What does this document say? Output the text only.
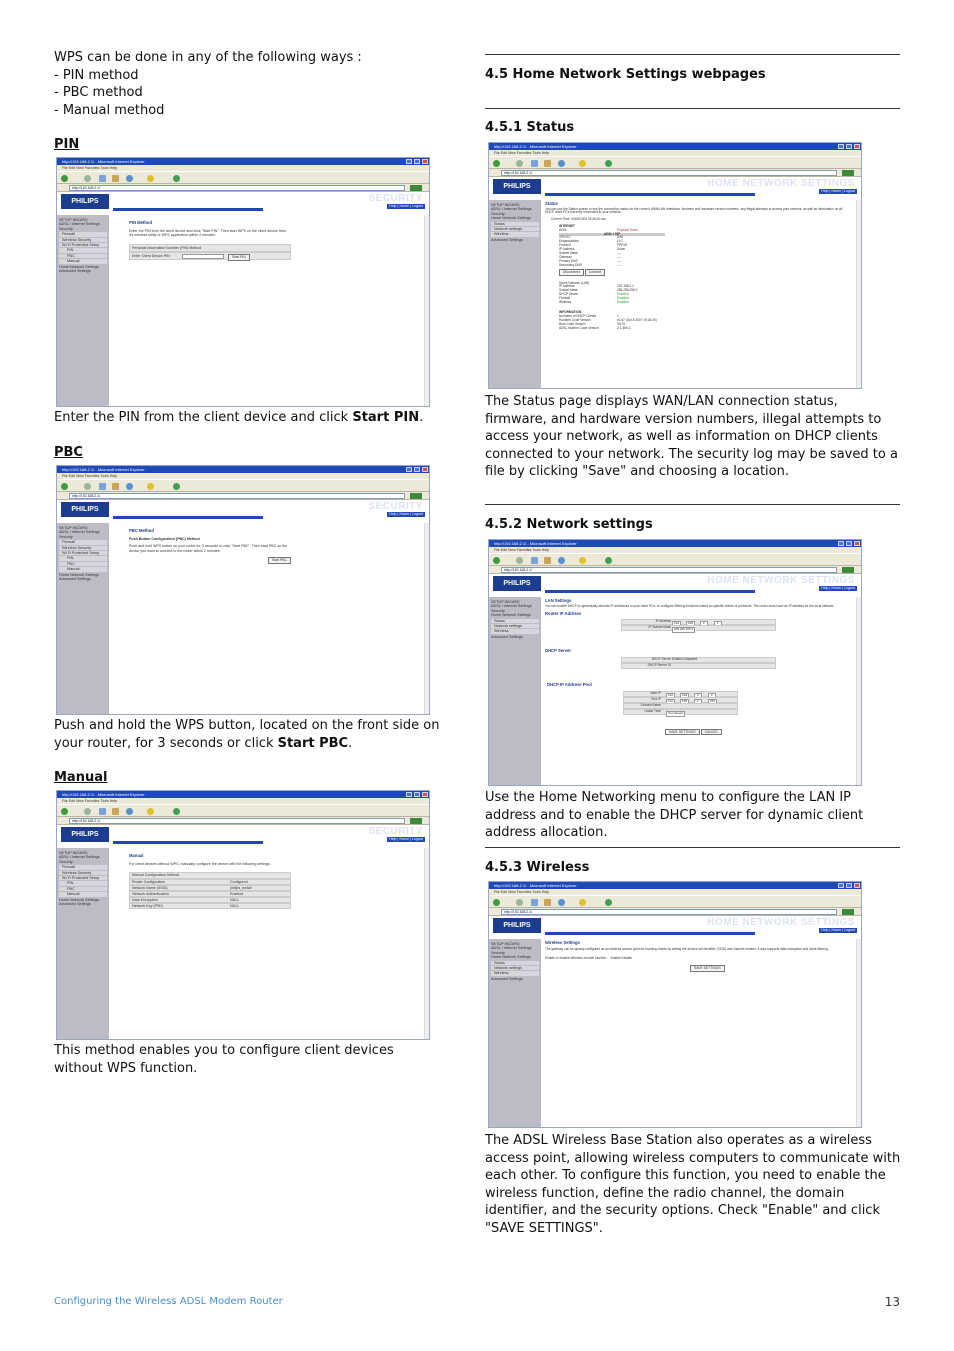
WPS can be done in any of the following ways :
- PIN method
- PBC method
- Manual method
PIN
http://192.168.2.1/ - Microsoft Internet Explorer
File Edit View Favorites Tools Help
http://192.168.2.1/
PHILIPS	SECURITY
Help | Home | Logout
SETUP WIZARD
ADSL / Internet Settings
Security
Firewall
Wireless Security
Wi-Fi Protected Setup
PIN
PBC
Manual
Home Network Settings
Advanced Settings
PIN Method
Enter the PIN from the client device and click "Start PIN". Then start WPS on the client device from it's wireless utility or WPS application within 2 minutes.
Personal Information Number (PIN) Method
Enter Client Device PIN	Start PIN
Enter the PIN from the client device and click Start PIN.
PBC
http://192.168.2.1/ - Microsoft Internet Explorer
File Edit View Favorites Tools Help
http://192.168.2.1/
PHILIPS	SECURITY
Help | Home | Logout
SETUP WIZARD
ADSL / Internet Settings
Security
Firewall
Wireless Security
Wi-Fi Protected Setup
PIN
PBC
Manual
Home Network Settings
Advanced Settings
PBC Method
Push Button Configuration (PBC) Method
Push and hold WPS button on your router for 3 seconds or click "Start PBC". Then start PBC on the device you want to connect to the router within 2 minutes.
Start PBC
Push and hold the WPS button, located on the front side on your router, for 3 seconds or click Start PBC.
Manual
http://192.168.2.1/ - Microsoft Internet Explorer
File Edit View Favorites Tools Help
http://192.168.2.1/
PHILIPS	SECURITY
Help | Home | Logout
SETUP WIZARD
ADSL / Internet Settings
Security
Firewall
Wireless Security
Wi-Fi Protected Setup
PIN
PBC
Manual
Home Network Settings
Advanced Settings
Manual
For client devices without WPS, manually configure the device with the following settings.
Manual Configuration Method
Router Configuration	Configured
Network Name (SSID)	philips_install
Network Authentication	Enabled
Data Encryption	NULL
Network Key (PSK)	NULL
This method enables you to configure client devices without WPS function.
4.5 Home Network Settings webpages
4.5.1 Status
http://192.168.2.1/ - Microsoft Internet Explorer
File Edit View Favorites Tools Help
http://192.168.2.1/
PHILIPS	HOME NETWORK SETTINGS
Help | Home | Logout
SETUP WIZARD
ADSL / Internet Settings
Security
Home Network Settings
Status
Network settings
Wireless
Advanced Settings
Status
You can use the Status screen to see the connection status for the router's WAN/LAN interfaces, firmware and hardware version numbers, any illegal attempts to access your network, as well as information on all DHCP client PCs currently connected to your network.
Current Time: 00/00/2003 00:26:00 am
INTERNET
ADSL	Physical Down
ADSL / ISP
VPI/VCI	8/35
Encapsulation	LLC
Protocol	PPPoE
IP Address	Down
Subnet Mask	----
Gateway	----
Primary DNS	----
Secondary DNS	----
Disconnect	Connect
Home Network (LAN)
IP Address	192.168.2.1
Subnet Mask	255.255.255.0
DHCP Server	Enabled
Firewall	Enabled
Wireless	Enabled
INFORMATION
Numbers of DHCP Clients	1
Runtime Code Version	v0.47 (Oct 8 2007 19:18:30)
Boot Code Version	V0.01
ADSL Modem Code Version	2.1.3b0.1
The Status page displays WAN/LAN connection status, firmware, and hardware version numbers, illegal attempts to access your network, as well as information on DHCP clients connected to your network. The security log may be saved to a file by clicking "Save" and choosing a location.
4.5.2 Network settings
http://192.168.2.1/ - Microsoft Internet Explorer
File Edit View Favorites Tools Help
http://192.168.2.1/
PHILIPS	HOME NETWORK SETTINGS
Help | Home | Logout
SETUP WIZARD
ADSL / Internet Settings
Security
Home Network Settings
Status
Network settings
Wireless
Advanced Settings
LAN Settings
You can enable DHCP to dynamically allocate IP addresses to your client PCs, or configure filtering functions based on specific clients or protocols. The router must have an IP address for the local network.
Router IP Address
IP Address	192	168	2	1
IP Subnet Mask	255.255.255.0
DHCP Server
DHCP Server Enabled Disabled
DHCP Server ID
DHCP IP Address Pool
Start IP	192	168	2	2
End IP	192	168	2	254
Domain Name
Lease Time	Two Weeks
SAVE SETTINGS	CANCEL
Use the Home Networking menu to configure the LAN IP address and to enable the DHCP server for dynamic client address allocation.
4.5.3 Wireless
http://192.168.2.1/ - Microsoft Internet Explorer
File Edit View Favorites Tools Help
http://192.168.2.1/
PHILIPS	HOME NETWORK SETTINGS
Help | Home | Logout
SETUP WIZARD
ADSL / Internet Settings
Security
Home Network Settings
Status
Network settings
Wireless
Advanced Settings
Wireless Settings
The gateway can be quickly configured as an wireless access point for roaming clients by setting the service set identifier (SSID) and channel number. It also supports data encryption and client filtering.
Enable or disable Wireless module function : Enable Disable
SAVE SETTINGS
The ADSL Wireless Base Station also operates as a wireless access point, allowing wireless computers to communicate with each other. To configure this function, you need to enable the wireless function, define the radio channel, the domain identifier, and the security options. Check "Enable" and click "SAVE SETTINGS".
Configuring the Wireless ADSL Modem Router	13
